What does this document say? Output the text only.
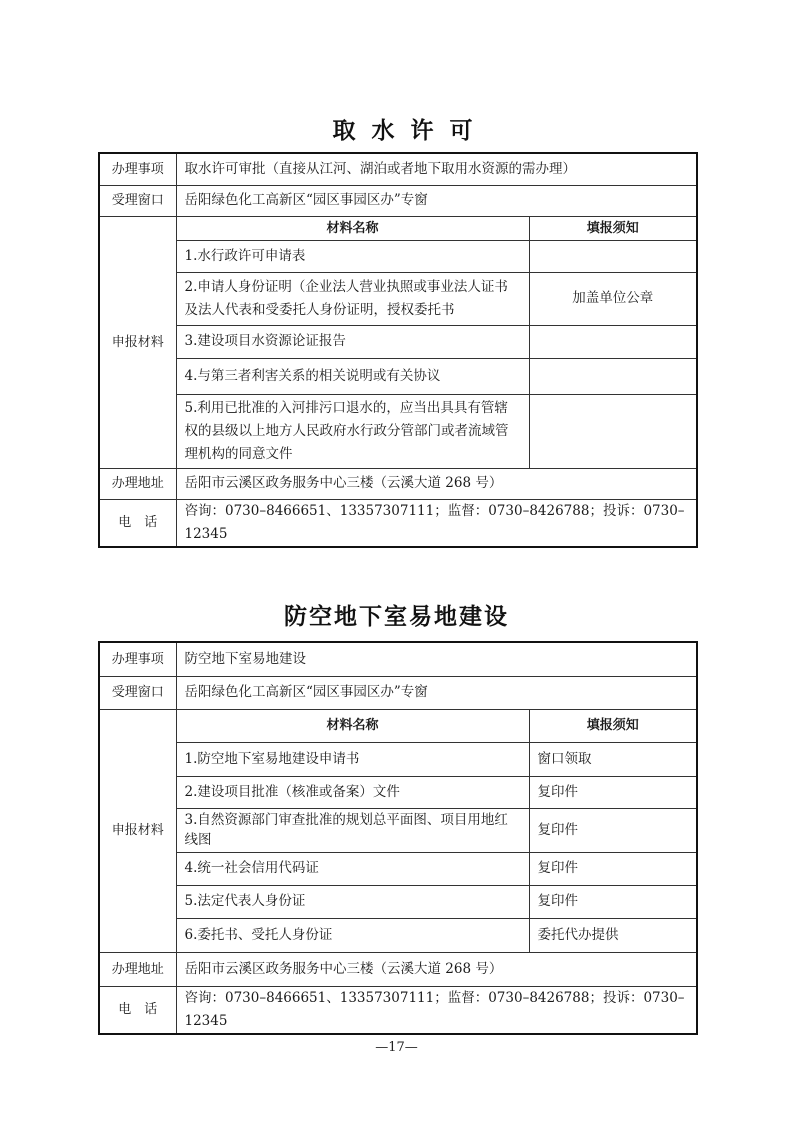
取水许可
办理事项	取水许可审批（直接从江河、湖泊或者地下取用水资源的需办理）	
受理窗口	岳阳绿色化工高新区“园区事园区办”专窗	
申报材料	材料名称	填报须知
	1.水行政许可申请表	
	2.申请人身份证明（企业法人营业执照或事业法人证书及法人代表和受委托人身份证明，授权委托书	加盖单位公章
	3.建设项目水资源论证报告	
	4.与第三者利害关系的相关说明或有关协议	
	5.利用已批准的入河排污口退水的，应当出具具有管辖权的县级以上地方人民政府水行政分管部门或者流域管理机构的同意文件	
办理地址	岳阳市云溪区政务服务中心三楼（云溪大道 268 号）	
电　话	咨询：0730–8466651、13357307111；监督：0730–8426788；投诉：0730–12345	
防空地下室易地建设
办理事项	防空地下室易地建设	
受理窗口	岳阳绿色化工高新区“园区事园区办”专窗	
申报材料	材料名称	填报须知
	1.防空地下室易地建设申请书	窗口领取
	2.建设项目批准（核准或备案）文件	复印件
	3.自然资源部门审查批准的规划总平面图、项目用地红线图	复印件
	4.统一社会信用代码证	复印件
	5.法定代表人身份证	复印件
	6.委托书、受托人身份证	委托代办提供
办理地址	岳阳市云溪区政务服务中心三楼（云溪大道 268 号）	
电　话	咨询：0730–8466651、13357307111；监督：0730–8426788；投诉：0730–12345	
—17—
